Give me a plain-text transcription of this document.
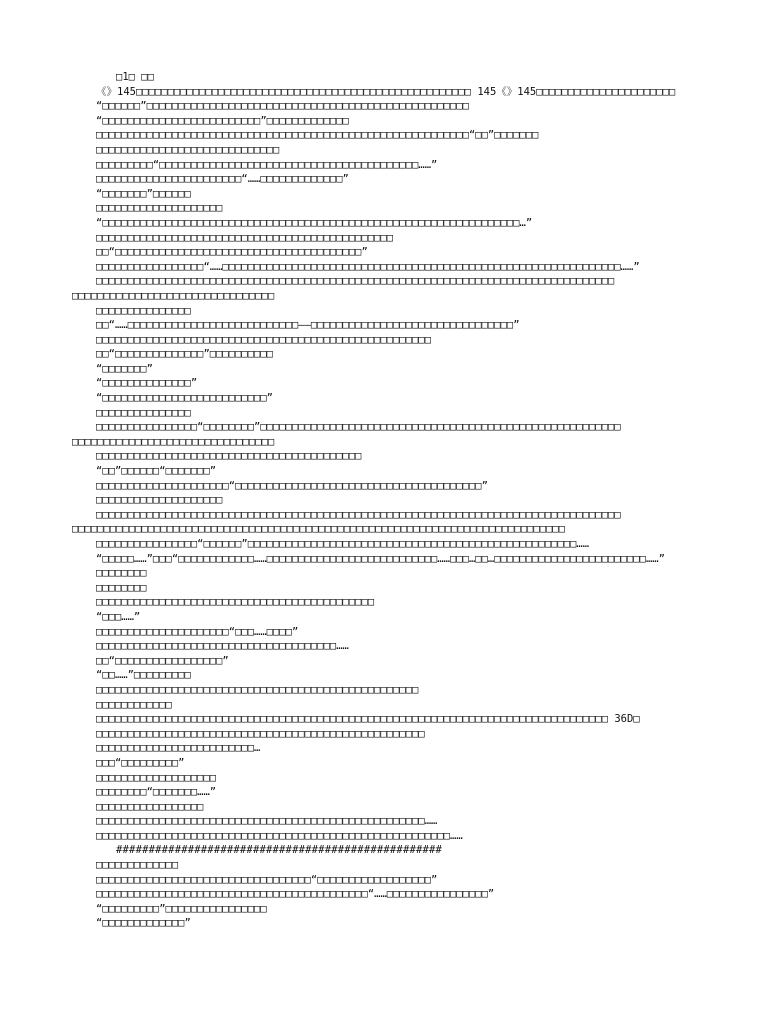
□1□ □□
《》145□□□□□□□□□□□□□□□□□□□□□□□□□□□□□□□□□□□□□□□□□□□□□□□□□□□□□ 145《》145□□□□□□□□□□□□□□□□□□□□□□
“□□□□□□”□□□□□□□□□□□□□□□□□□□□□□□□□□□□□□□□□□□□□□□□□□□□□□□□□□□
“□□□□□□□□□□□□□□□□□□□□□□□□□”□□□□□□□□□□□□□
□□□□□□□□□□□□□□□□□□□□□□□□□□□□□□□□□□□□□□□□□□□□□□□□□□□□□□□□□□□“□□”□□□□□□□
□□□□□□□□□□□□□□□□□□□□□□□□□□□□□
□□□□□□□□□“□□□□□□□□□□□□□□□□□□□□□□□□□□□□□□□□□□□□□□□□□……”
□□□□□□□□□□□□□□□□□□□□□□□“……□□□□□□□□□□□□□”
“□□□□□□□”□□□□□□
□□□□□□□□□□□□□□□□□□□□
“□□□□□□□□□□□□□□□□□□□□□□□□□□□□□□□□□□□□□□□□□□□□□□□□□□□□□□□□□□□□□□□□□□…”
□□□□□□□□□□□□□□□□□□□□□□□□□□□□□□□□□□□□□□□□□□□□□□□
□□“□□□□□□□□□□□□□□□□□□□□□□□□□□□□□□□□□□□□□□□”
□□□□□□□□□□□□□□□□□“……□□□□□□□□□□□□□□□□□□□□□□□□□□□□□□□□□□□□□□□□□□□□□□□□□□□□□□□□□□□□□□□……”
□□□□□□□□□□□□□□□□□□□□□□□□□□□□□□□□□□□□□□□□□□□□□□□□□□□□□□□□□□□□□□□□□□□□□□□□□□□□□□□□□□
□□□□□□□□□□□□□□□□□□□□□□□□□□□□□□□□
□□□□□□□□□□□□□□□
□□“……□□□□□□□□□□□□□□□□□□□□□□□□□□□——□□□□□□□□□□□□□□□□□□□□□□□□□□□□□□□□”
□□□□□□□□□□□□□□□□□□□□□□□□□□□□□□□□□□□□□□□□□□□□□□□□□□□□□
□□“□□□□□□□□□□□□□□”□□□□□□□□□□
“□□□□□□□”
“□□□□□□□□□□□□□□”
“□□□□□□□□□□□□□□□□□□□□□□□□□□”
□□□□□□□□□□□□□□□
□□□□□□□□□□□□□□□□“□□□□□□□□”□□□□□□□□□□□□□□□□□□□□□□□□□□□□□□□□□□□□□□□□□□□□□□□□□□□□□□□□□
□□□□□□□□□□□□□□□□□□□□□□□□□□□□□□□□
□□□□□□□□□□□□□□□□□□□□□□□□□□□□□□□□□□□□□□□□□□
“□□”□□□□□□“□□□□□□□”
□□□□□□□□□□□□□□□□□□□□□“□□□□□□□□□□□□□□□□□□□□□□□□□□□□□□□□□□□□□□□”
□□□□□□□□□□□□□□□□□□□□
□□□□□□□□□□□□□□□□□□□□□□□□□□□□□□□□□□□□□□□□□□□□□□□□□□□□□□□□□□□□□□□□□□□□□□□□□□□□□□□□□□□
□□□□□□□□□□□□□□□□□□□□□□□□□□□□□□□□□□□□□□□□□□□□□□□□□□□□□□□□□□□□□□□□□□□□□□□□□□□□□□
□□□□□□□□□□□□□□□□“□□□□□□”□□□□□□□□□□□□□□□□□□□□□□□□□□□□□□□□□□□□□□□□□□□□□□□□□□□□……
“□□□□□……”□□□“□□□□□□□□□□□□……□□□□□□□□□□□□□□□□□□□□□□□□□□□……□□□…□□…□□□□□□□□□□□□□□□□□□□□□□□□……”
□□□□□□□□
□□□□□□□□
□□□□□□□□□□□□□□□□□□□□□□□□□□□□□□□□□□□□□□□□□□□□
“□□□……”
□□□□□□□□□□□□□□□□□□□□□“□□□……□□□□”
□□□□□□□□□□□□□□□□□□□□□□□□□□□□□□□□□□□□□□……
□□“□□□□□□□□□□□□□□□□□”
“□□……”□□□□□□□□□
□□□□□□□□□□□□□□□□□□□□□□□□□□□□□□□□□□□□□□□□□□□□□□□□□□□
□□□□□□□□□□□□
□□□□□□□□□□□□□□□□□□□□□□□□□□□□□□□□□□□□□□□□□□□□□□□□□□□□□□□□□□□□□□□□□□□□□□□□□□□□□□□□□ 36D□
□□□□□□□□□□□□□□□□□□□□□□□□□□□□□□□□□□□□□□□□□□□□□□□□□□□□
□□□□□□□□□□□□□□□□□□□□□□□□□…
□□□“□□□□□□□□□”
□□□□□□□□□□□□□□□□□□□
□□□□□□□□“□□□□□□□……”
□□□□□□□□□□□□□□□□□
□□□□□□□□□□□□□□□□□□□□□□□□□□□□□□□□□□□□□□□□□□□□□□□□□□□□……
□□□□□□□□□□□□□□□□□□□□□□□□□□□□□□□□□□□□□□□□□□□□□□□□□□□□□□□□……
##################################################
□□□□□□□□□□□□□
□□□□□□□□□□□□□□□□□□□□□□□□□□□□□□□□□□“□□□□□□□□□□□□□□□□□□”
□□□□□□□□□□□□□□□□□□□□□□□□□□□□□□□□□□□□□□□□□□□“……□□□□□□□□□□□□□□□□”
“□□□□□□□□□”□□□□□□□□□□□□□□□□
“□□□□□□□□□□□□□”
